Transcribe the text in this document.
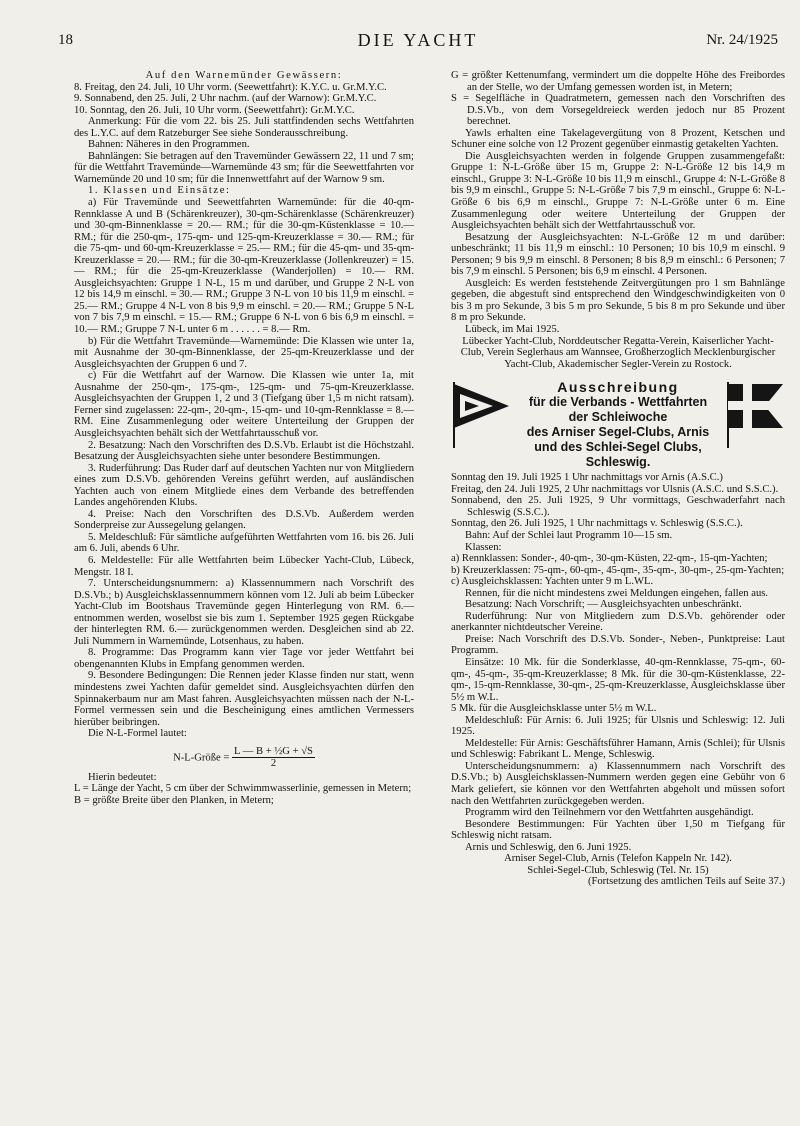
18	DIE YACHT	Nr. 24/1925

Auf den Warnemünder Gewässern:

8. Freitag, den 24. Juli, 10 Uhr vorm. (Seewettfahrt): K.Y.C. u. Gr.M.Y.C.

9. Sonnabend, den 25. Juli, 2 Uhr nachm. (auf der Warnow): Gr.M.Y.C.

10. Sonntag, den 26. Juli, 10 Uhr vorm. (Seewettfahrt): Gr.M.Y.C.

Anmerkung: Für die vom 22. bis 25. Juli stattfindenden sechs Wettfahrten des L.Y.C. auf dem Ratzeburger See siehe Sonderausschreibung.

Bahnen: Näheres in den Programmen.

Bahnlängen: Sie betragen auf den Travemünder Gewässern 22, 11 und 7 sm; für die Wettfahrt Travemünde—Warnemünde 43 sm; für die Seewettfahrten vor Warnemünde 20 und 10 sm; für die Innenwettfahrt auf der Warnow 9 sm.

1. Klassen und Einsätze:

a) Für Travemünde und Seewettfahrten Warnemünde: für die 40-qm-Rennklasse A und B (Schärenkreuzer), 30-qm-Schärenklasse (Schärenkreuzer) und 30-qm-Binnenklasse = 20.— RM.; für die 30-qm-Küstenklasse = 10.— RM.; für die 250-qm-, 175-qm- und 125-qm-Kreuzerklasse = 30.— RM.; für die 75-qm- und 60-qm-Kreuzerklasse = 25.— RM.; für die 45-qm- und 35-qm-Kreuzerklasse = 20.— RM.; für die 30-qm-Kreuzerklasse (Jollenkreuzer) = 15.— RM.; für die 25-qm-Kreuzerklasse (Wanderjollen) = 10.— RM. Ausgleichsyachten: Gruppe 1 N-L, 15 m und darüber, und Gruppe 2 N-L von 12 bis 14,9 m einschl. = 30.— RM.; Gruppe 3 N-L von 10 bis 11,9 m einschl. = 25.— RM.; Gruppe 4 N-L von 8 bis 9,9 m einschl. = 20.— RM.; Gruppe 5 N-L von 7 bis 7,9 m einschl. = 15.— RM.; Gruppe 6 N-L von 6 bis 6,9 m einschl. = 10.— RM.; Gruppe 7 N-L unter 6 m . . . . . . = 8.— Rm.

b) Für die Wettfahrt Travemünde—Warnemünde: Die Klassen wie unter 1a, mit Ausnahme der 30-qm-Binnenklasse, der 25-qm-Kreuzerklasse und der Ausgleichsyachten der Gruppen 6 und 7.

c) Für die Wettfahrt auf der Warnow. Die Klassen wie unter 1a, mit Ausnahme der 250-qm-, 175-qm-, 125-qm- und 75-qm-Kreuzerklasse. Ausgleichsyachten der Gruppen 1, 2 und 3 (Tiefgang über 1,5 m nicht ratsam). Ferner sind zugelassen: 22-qm-, 20-qm-, 15-qm- und 10-qm-Rennklasse = 8.— RM. Eine Zusammenlegung oder weitere Unterteilung der Gruppen der Ausgleichsyachten behält sich der Wettfahrtausschuß vor.

2. Besatzung: Nach den Vorschriften des D.S.Vb. Erlaubt ist die Höchstzahl. Besatzung der Ausgleichsyachten siehe unter besondere Bestimmungen.

3. Ruderführung: Das Ruder darf auf deutschen Yachten nur von Mitgliedern eines zum D.S.Vb. gehörenden Vereins geführt werden, auf ausländischen Yachten auch von einem Mitgliede eines dem Verbande des betreffenden Landes angehörenden Klubs.

4. Preise: Nach den Vorschriften des D.S.Vb. Außerdem werden Sonderpreise zur Aussegelung gelangen.

5. Meldeschluß: Für sämtliche aufgeführten Wettfahrten vom 16. bis 26. Juli am 6. Juli, abends 6 Uhr.

6. Meldestelle: Für alle Wettfahrten beim Lübecker Yacht-Club, Lübeck, Mengstr. 18 I.

7. Unterscheidungsnummern: a) Klassennummern nach Vorschrift des D.S.Vb.; b) Ausgleichsklassennummern können vom 12. Juli ab beim Lübecker Yacht-Club im Bootshaus Travemünde gegen Hinterlegung von RM. 6.— entnommen werden, woselbst sie bis zum 1. September 1925 gegen Rückgabe der hinterlegten RM. 6.— zurückgenommen werden. Desgleichen sind ab 22. Juli Nummern in Warnemünde, Lotsenhaus, zu haben.

8. Programme: Das Programm kann vier Tage vor jeder Wettfahrt bei obengenannten Klubs in Empfang genommen werden.

9. Besondere Bedingungen: Die Rennen jeder Klasse finden nur statt, wenn mindestens zwei Yachten dafür gemeldet sind. Ausgleichsyachten dürfen den Spinnakerbaum nur am Mast fahren. Ausgleichsyachten müssen nach der N-L-Formel vermessen sein und die Bescheinigung eines amtlichen Vermessers hierüber beibringen.

Die N-L-Formel lautet:

N-L-Größe = $\frac{\text{L — B + ½G + √S}}{2}$

Hierin bedeutet:

L = Länge der Yacht, 5 cm über der Schwimmwasserlinie, gemessen in Metern;

B = größte Breite über den Planken, in Metern;

G = größter Kettenumfang, vermindert um die doppelte Höhe des Freibordes an der Stelle, wo der Umfang gemessen worden ist, in Metern;

S = Segelfläche in Quadratmetern, gemessen nach den Vorschriften des D.S.Vb., von dem Vorsegeldreieck werden jedoch nur 85 Prozent berechnet.

Yawls erhalten eine Takelagevergütung von 8 Prozent, Ketschen und Schuner eine solche von 12 Prozent gegenüber einmastig getakelten Yachten.

Die Ausgleichsyachten werden in folgende Gruppen zusammengefaßt: Gruppe 1: N-L-Größe über 15 m, Gruppe 2: N-L-Größe 12 bis 14,9 m einschl., Gruppe 3: N-L-Größe 10 bis 11,9 m einschl., Gruppe 4: N-L-Größe 8 bis 9,9 m einschl., Gruppe 5: N-L-Größe 7 bis 7,9 m einschl., Gruppe 6: N-L-Größe 6 bis 6,9 m einschl., Gruppe 7: N-L-Größe unter 6 m. Eine Zusammenlegung oder weitere Unterteilung der Gruppen der Ausgleichsyachten behält sich der Wettfahrtausschuß vor.

Besatzung der Ausgleichsyachten: N-L-Größe 12 m und darüber: unbeschränkt; 11 bis 11,9 m einschl.: 10 Personen; 10 bis 10,9 m einschl. 9 Personen; 9 bis 9,9 m einschl. 8 Personen; 8 bis 8,9 m einschl.: 6 Personen; 7 bis 7,9 m einschl. 5 Personen; bis 6,9 m einschl. 4 Personen.

Ausgleich: Es werden feststehende Zeitvergütungen pro 1 sm Bahnlänge gegeben, die abgestuft sind entsprechend den Windgeschwindigkeiten von 0 bis 3 m pro Sekunde, 3 bis 5 m pro Sekunde, 5 bis 8 m pro Sekunde und über 8 m pro Sekunde.

Lübeck, im Mai 1925.

Lübecker Yacht-Club, Norddeutscher Regatta-Verein, Kaiserlicher Yacht-Club, Verein Seglerhaus am Wannsee, Großherzoglich Mecklenburgischer Yacht-Club, Akademischer Segler-Verein zu Rostock.

Ausschreibung
für die Verbands - Wettfahrten
der Schleiwoche
des Arniser Segel-Clubs, Arnis
und des Schlei-Segel Clubs, Schleswig.

Sonntag den 19. Juli 1925 1 Uhr nachmittags vor Arnis (A.S.C.)

Freitag, den 24. Juli 1925, 2 Uhr nachmittags vor Ulsnis (A.S.C. und S.S.C.).

Sonnabend, den 25. Juli 1925, 9 Uhr vormittags, Geschwaderfahrt nach Schleswig (S.S.C.).

Sonntag, den 26. Juli 1925, 1 Uhr nachmittags v. Schleswig (S.S.C.).

Bahn: Auf der Schlei laut Programm 10—15 sm.

Klassen:

a) Rennklassen: Sonder-, 40-qm-, 30-qm-Küsten, 22-qm-, 15-qm-Yachten;

b) Kreuzerklassen: 75-qm-, 60-qm-, 45-qm-, 35-qm-, 30-qm-, 25-qm-Yachten;

c) Ausgleichsklassen: Yachten unter 9 m L.WL.

Rennen, für die nicht mindestens zwei Meldungen eingehen, fallen aus.

Besatzung: Nach Vorschrift; — Ausgleichsyachten unbeschränkt.

Ruderführung: Nur von Mitgliedern zum D.S.Vb. gehörender oder anerkannter nichtdeutscher Vereine.

Preise: Nach Vorschrift des D.S.Vb. Sonder-, Neben-, Punktpreise: Laut Programm.

Einsätze: 10 Mk. für die Sonderklasse, 40-qm-Rennklasse, 75-qm-, 60-qm-, 45-qm-, 35-qm-Kreuzerklasse; 8 Mk. für die 30-qm-Küstenklasse, 22-qm-, 15-qm-Rennklasse, 30-qm-, 25-qm-Kreuzerklasse, Ausgleichsklasse über 5½ m W.L.

5 Mk. für die Ausgleichsklasse unter 5½ m W.L.

Meldeschluß: Für Arnis: 6. Juli 1925; für Ulsnis und Schleswig: 12. Juli 1925.

Meldestelle: Für Arnis: Geschäftsführer Hamann, Arnis (Schlei); für Ulsnis und Schleswig: Fabrikant L. Menge, Schleswig.

Unterscheidungsnummern: a) Klassennummern nach Vorschrift des D.S.Vb.; b) Ausgleichsklassen-Nummern werden gegen eine Gebühr von 6 Mark geliefert, sie können vor den Wettfahrten abgeholt und müssen sofort nach den Wettfahrten zurückgegeben werden.

Programm wird den Teilnehmern vor den Wettfahrten ausgehändigt.

Besondere Bestimmungen: Für Yachten über 1,50 m Tiefgang für Schleswig nicht ratsam.

Arnis und Schleswig, den 6. Juni 1925.

Arniser Segel-Club, Arnis (Telefon Kappeln Nr. 142).

Schlei-Segel-Club, Schleswig (Tel. Nr. 15)

(Fortsetzung des amtlichen Teils auf Seite 37.)
